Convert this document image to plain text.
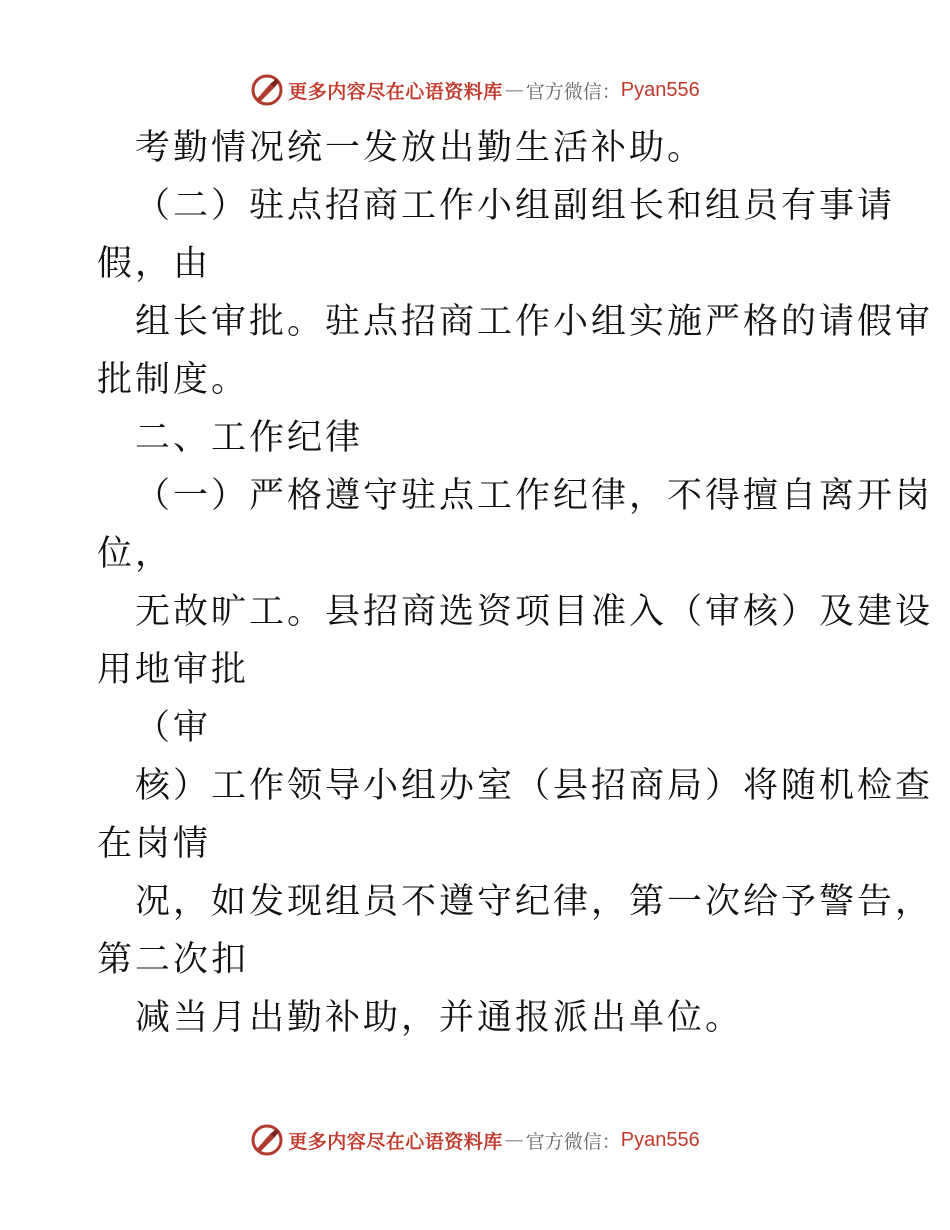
更多内容尽在心语资料库 — 官方微信： Pyan556
考勤情况统一发放出勤生活补助。
（二）驻点招商工作小组副组长和组员有事请
假，由
组长审批。驻点招商工作小组实施严格的请假审
批制度。
二、工作纪律
（一）严格遵守驻点工作纪律，不得擅自离开岗
位，
无故旷工。县招商选资项目准入（审核）及建设
用地审批
（审
核）工作领导小组办室（县招商局）将随机检查
在岗情
况，如发现组员不遵守纪律，第一次给予警告，
第二次扣
减当月出勤补助，并通报派出单位。
更多内容尽在心语资料库 — 官方微信： Pyan556
